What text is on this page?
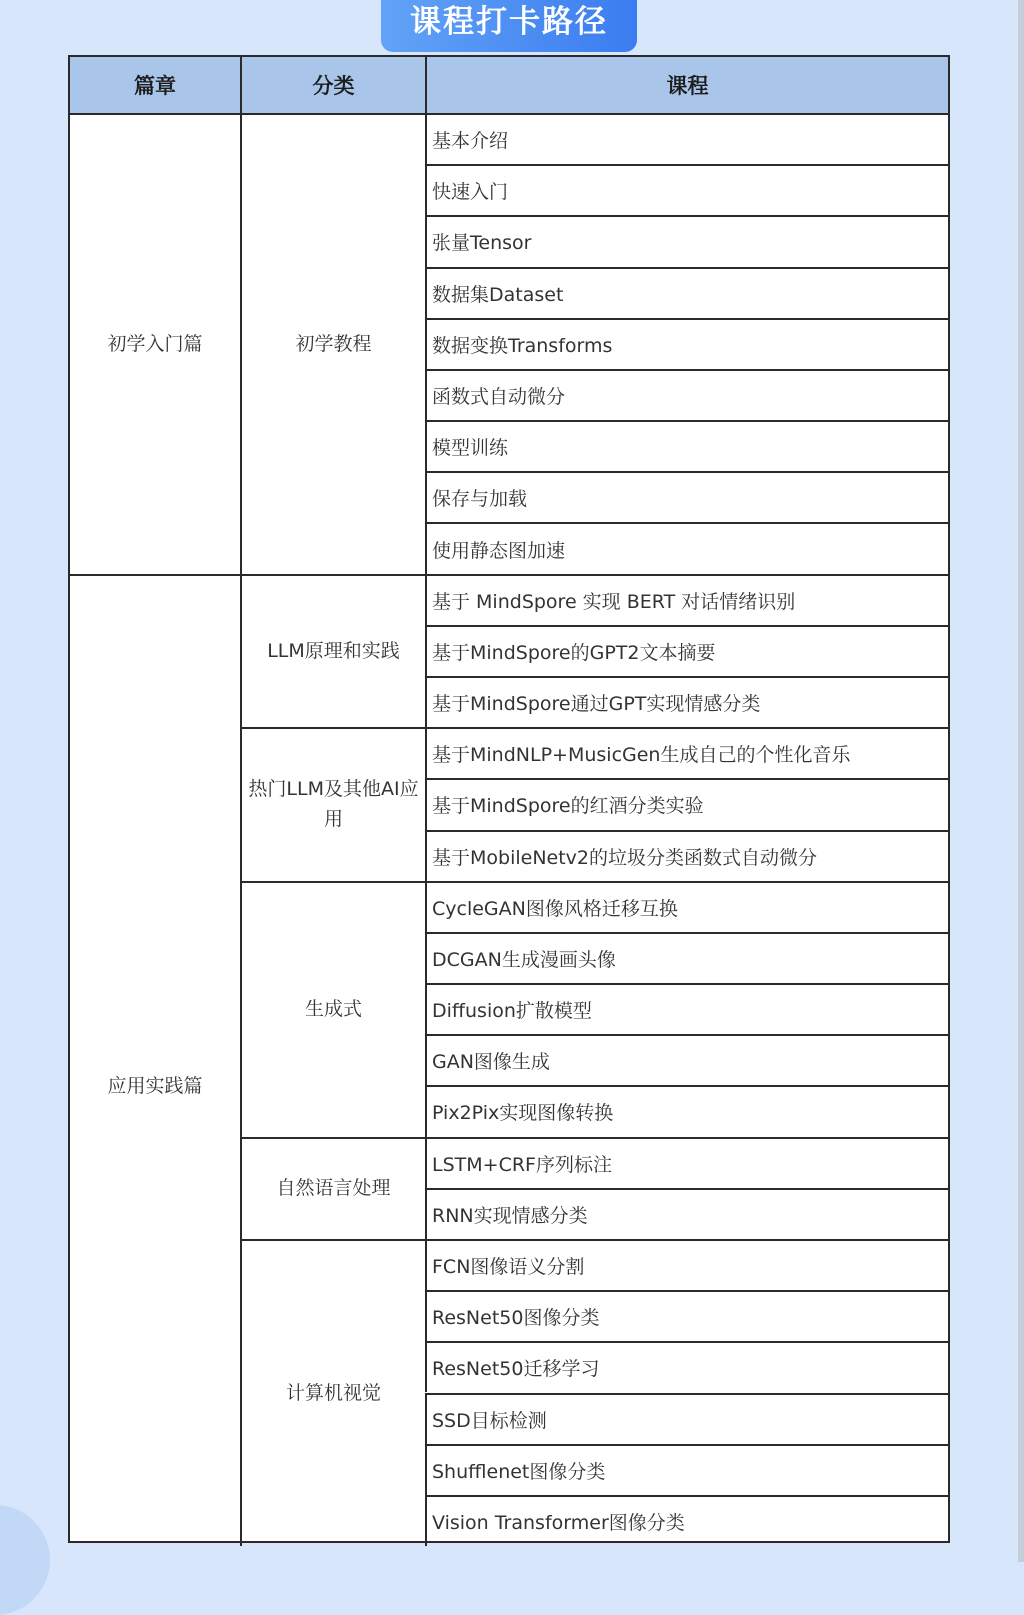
课程打卡路径
篇章	分类	课程
初学入门篇
应用实践篇
初学教程
LLM原理和实践
热门LLM及其他AI应用
生成式
自然语言处理
计算机视觉
基本介绍
快速入门
张量Tensor
数据集Dataset
数据变换Transforms
函数式自动微分
模型训练
保存与加载
使用静态图加速
基于 MindSpore 实现 BERT 对话情绪识别
基于MindSpore的GPT2文本摘要
基于MindSpore通过GPT实现情感分类
基于MindNLP+MusicGen生成自己的个性化音乐
基于MindSpore的红酒分类实验
基于MobileNetv2的垃圾分类函数式自动微分
CycleGAN图像风格迁移互换
DCGAN生成漫画头像
Diffusion扩散模型
GAN图像生成
Pix2Pix实现图像转换
LSTM+CRF序列标注
RNN实现情感分类
FCN图像语义分割
ResNet50图像分类
ResNet50迁移学习
SSD目标检测
Shufflenet图像分类
Vision Transformer图像分类
